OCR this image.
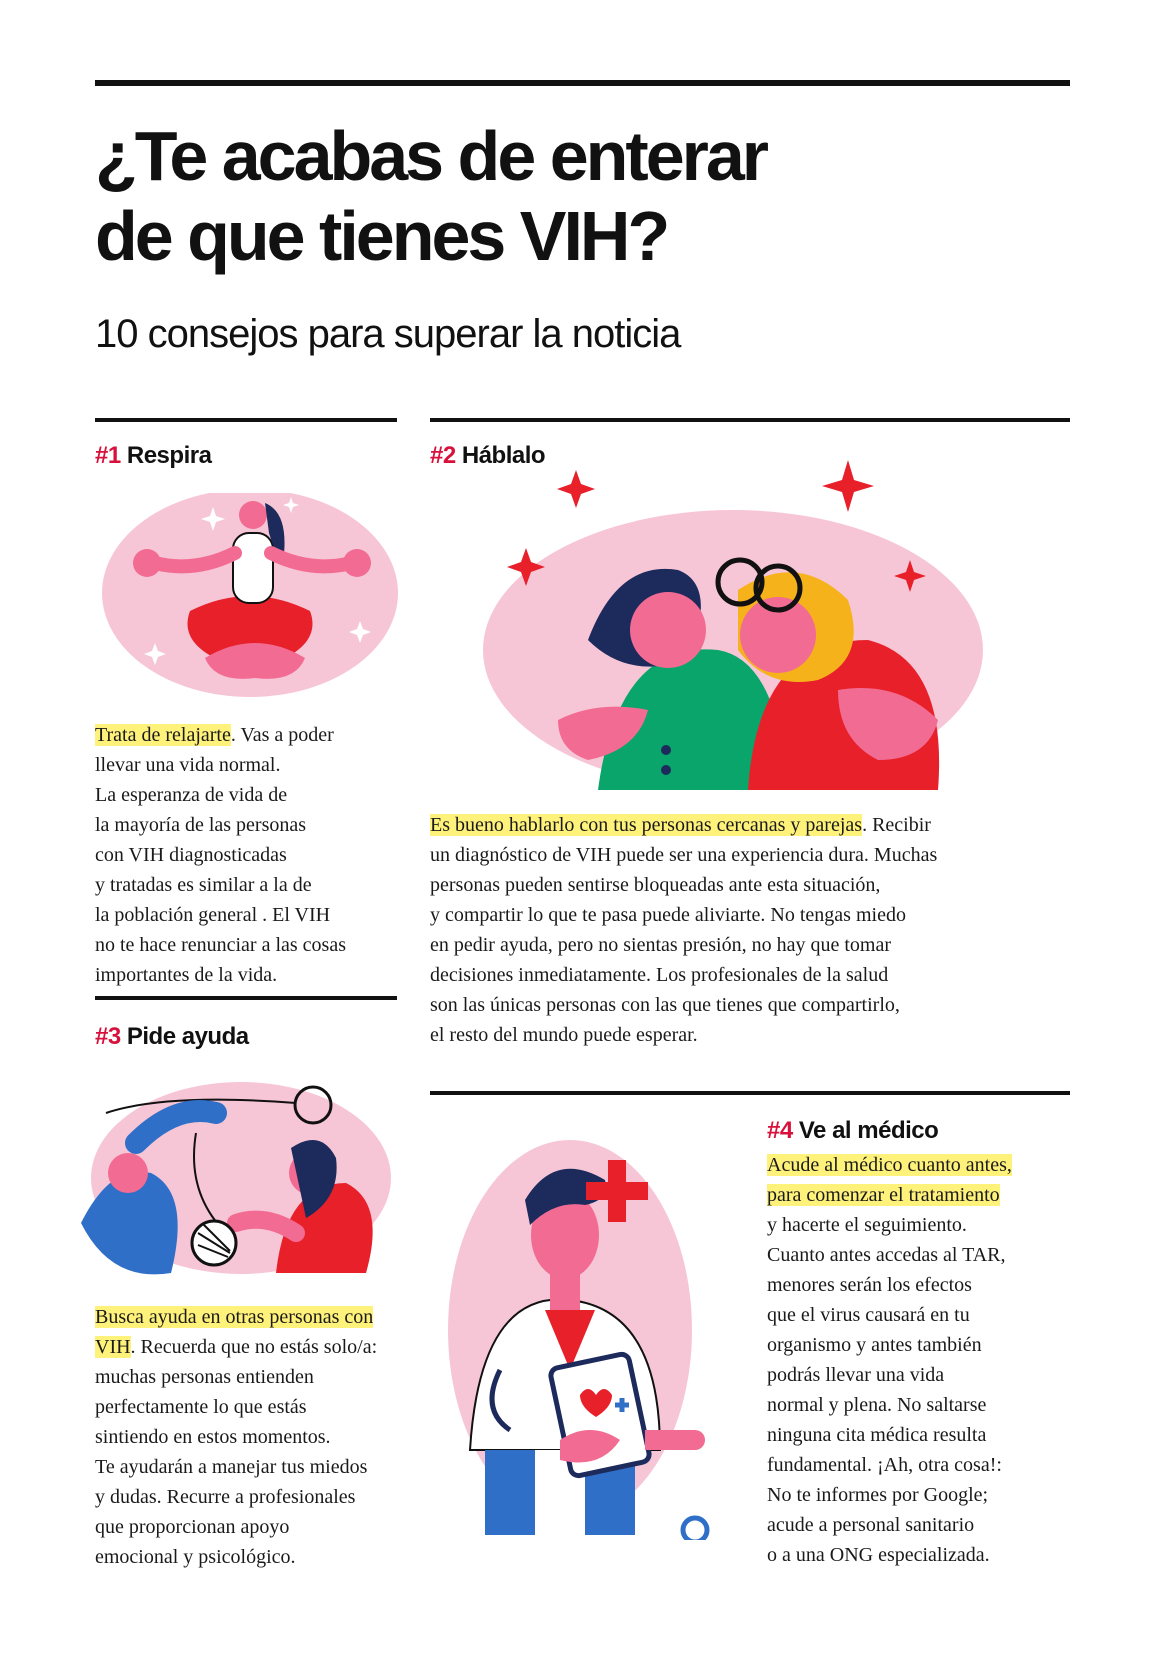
¿Te acabas de enterar
de que tienes VIH?
10 consejos para superar la noticia
#1 Respira

Trata de relajarte. Vas a poder
llevar una vida normal.
La esperanza de vida de
la mayoría de las personas
con VIH diagnosticadas
y tratadas es similar a la de
la población general . El VIH
no te hace renunciar a las cosas
importantes de la vida.

#2 Háblalo

Es bueno hablarlo con tus personas cercanas y parejas. Recibir
un diagnóstico de VIH puede ser una experiencia dura. Muchas
personas pueden sentirse bloqueadas ante esta situación,
y compartir lo que te pasa puede aliviarte. No tengas miedo
en pedir ayuda, pero no sientas presión, no hay que tomar
decisiones inmediatamente. Los profesionales de la salud
son las únicas personas con las que tienes que compartirlo,
el resto del mundo puede esperar.

#3 Pide ayuda

Busca ayuda en otras personas con
VIH. Recuerda que no estás solo/a:
muchas personas entienden
perfectamente lo que estás
sintiendo en estos momentos.
Te ayudarán a manejar tus miedos
y dudas. Recurre a profesionales
que proporcionan apoyo
emocional y psicológico.

#4 Ve al médico

Acude al médico cuanto antes,
para comenzar el tratamiento
y hacerte el seguimiento.
Cuanto antes accedas al TAR,
menores serán los efectos
que el virus causará en tu
organismo y antes también
podrás llevar una vida
normal y plena. No saltarse
ninguna cita médica resulta
fundamental. ¡Ah, otra cosa!:
No te informes por Google;
acude a personal sanitario
o a una ONG especializada.
